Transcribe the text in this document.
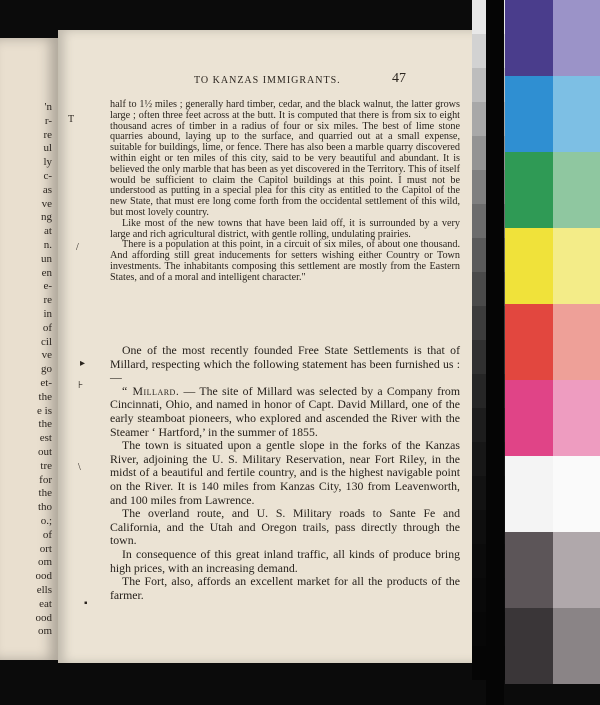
'n
r-
re
ul
ly
c-
as
ve
ng
at
n.
un
en
e-
re
in
of
cil
ve
go
et-
the
e is
the
est
out
tre
for
the
tho
o.;
of
ort
om
ood
ells
eat
ood
om
TO KANZAS IMMIGRANTS.	47

half to 1½ miles ; generally hard timber, cedar, and the black walnut, the latter grows large ; often three feet across at the butt. It is computed that there is from six to eight thousand acres of timber in a radius of four or six miles. The best of lime stone quarries abound, laying up to the surface, and quarried out at a small expense, suitable for buildings, lime, or fence. There has also been a marble quarry discovered within eight or ten miles of this city, said to be very beautiful and abundant. It is believed the only marble that has been as yet discovered in the Territory. This of itself would be sufficient to claim the Capitol buildings at this point. I must not be understood as putting in a special plea for this city as entitled to the Capitol of the new State, that must ere long come forth from the occidental settlement of this wild, but most lovely country.

Like most of the new towns that have been laid off, it is surrounded by a very large and rich agricultural district, with gentle rolling, undulating prairies.

There is a population at this point, in a circuit of six miles, of about one thousand. And affording still great inducements for setters wishing either Country or Town investments. The inhabitants composing this settlement are mostly from the Eastern States, and of a moral and intelligent character."

One of the most recently founded Free State Settlements is that of Millard, respecting which the following statement has been furnished us : —

“ Millard. — The site of Millard was selected by a Company from Cincinnati, Ohio, and named in honor of Capt. David Millard, one of the early steamboat pioneers, who explored and ascended the River with the Steamer ‘ Hartford,’ in the summer of 1855.

The town is situated upon a gentle slope in the forks of the Kanzas River, adjoining the U. S. Military Reservation, near Fort Riley, in the midst of a beautiful and fertile country, and is the highest navigable point on the River. It is 140 miles from Kanzas City, 130 from Leavenworth, and 100 miles from Lawrence.

The overland route, and U. S. Military roads to Sante Fe and California, and the Utah and Oregon trails, pass directly through the town.

In consequence of this great inland traffic, all kinds of produce bring high prices, with an increasing demand.

The Fort, also, affords an excellent market for all the products of the farmer.

T
/
▸
⊦
\
▪
